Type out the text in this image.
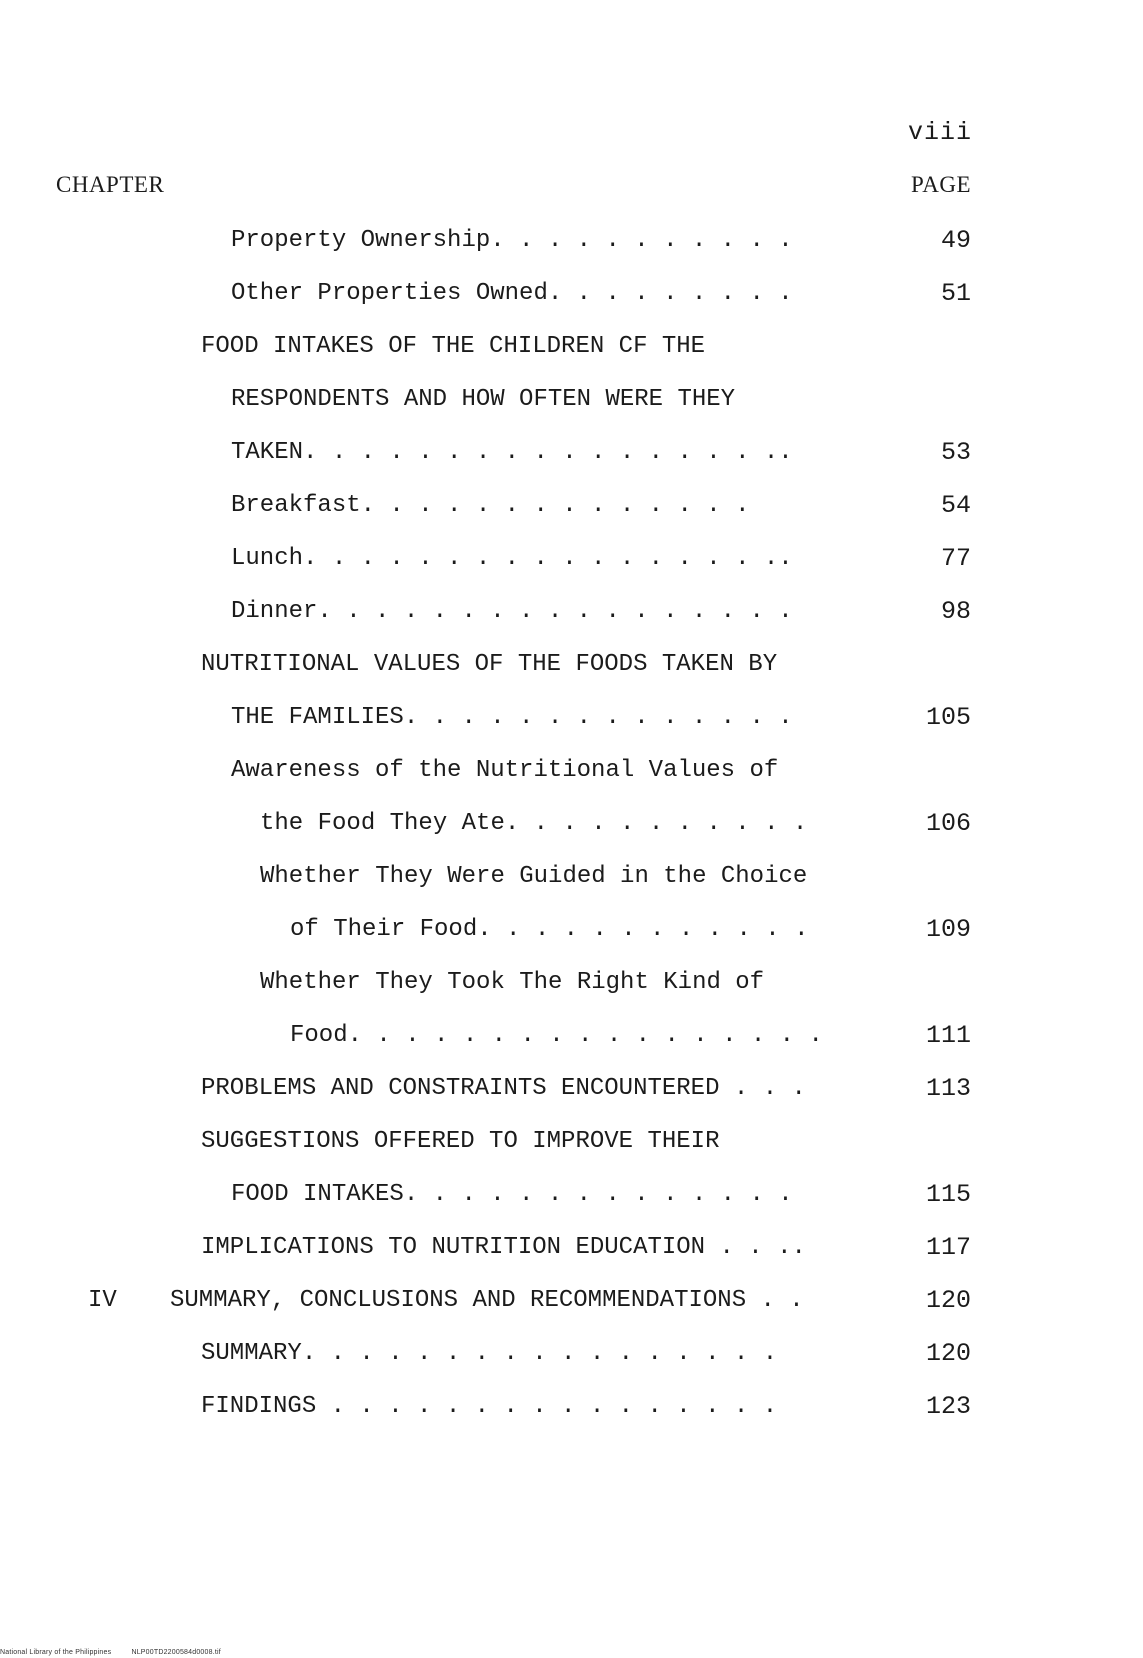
viii
CHAPTER	PAGE
Property Ownership. . . . . . . . . . .	49
Other Properties Owned. . . . . . . . .	51
FOOD INTAKES OF THE CHILDREN CF THE
RESPONDENTS AND HOW OFTEN WERE THEY
TAKEN. . . . . . . . . . . . . . . . ..	53
Breakfast. . . . . . . . . . . . . .	54
Lunch. . . . . . . . . . . . . . . . ..	77
Dinner. . . . . . . . . . . . . . . . .	98
NUTRITIONAL VALUES OF THE FOODS TAKEN BY
THE FAMILIES. . . . . . . . . . . . . .	105
Awareness of the Nutritional Values of
the Food They Ate. . . . . . . . . . .	106
Whether They Were Guided in the Choice
of Their Food. . . . . . . . . . . .	109
Whether They Took The Right Kind of
Food. . . . . . . . . . . . . . . . .	111
PROBLEMS AND CONSTRAINTS ENCOUNTERED . . .	113
SUGGESTIONS OFFERED TO IMPROVE THEIR
FOOD INTAKES. . . . . . . . . . . . . .	115
IMPLICATIONS TO NUTRITION EDUCATION . . ..	117
IV SUMMARY, CONCLUSIONS AND RECOMMENDATIONS . .	120
SUMMARY. . . . . . . . . . . . . . . . .	120
FINDINGS . . . . . . . . . . . . . . . .	123
National Library of the Philippines	NLP00TD2200584d0008.tif
